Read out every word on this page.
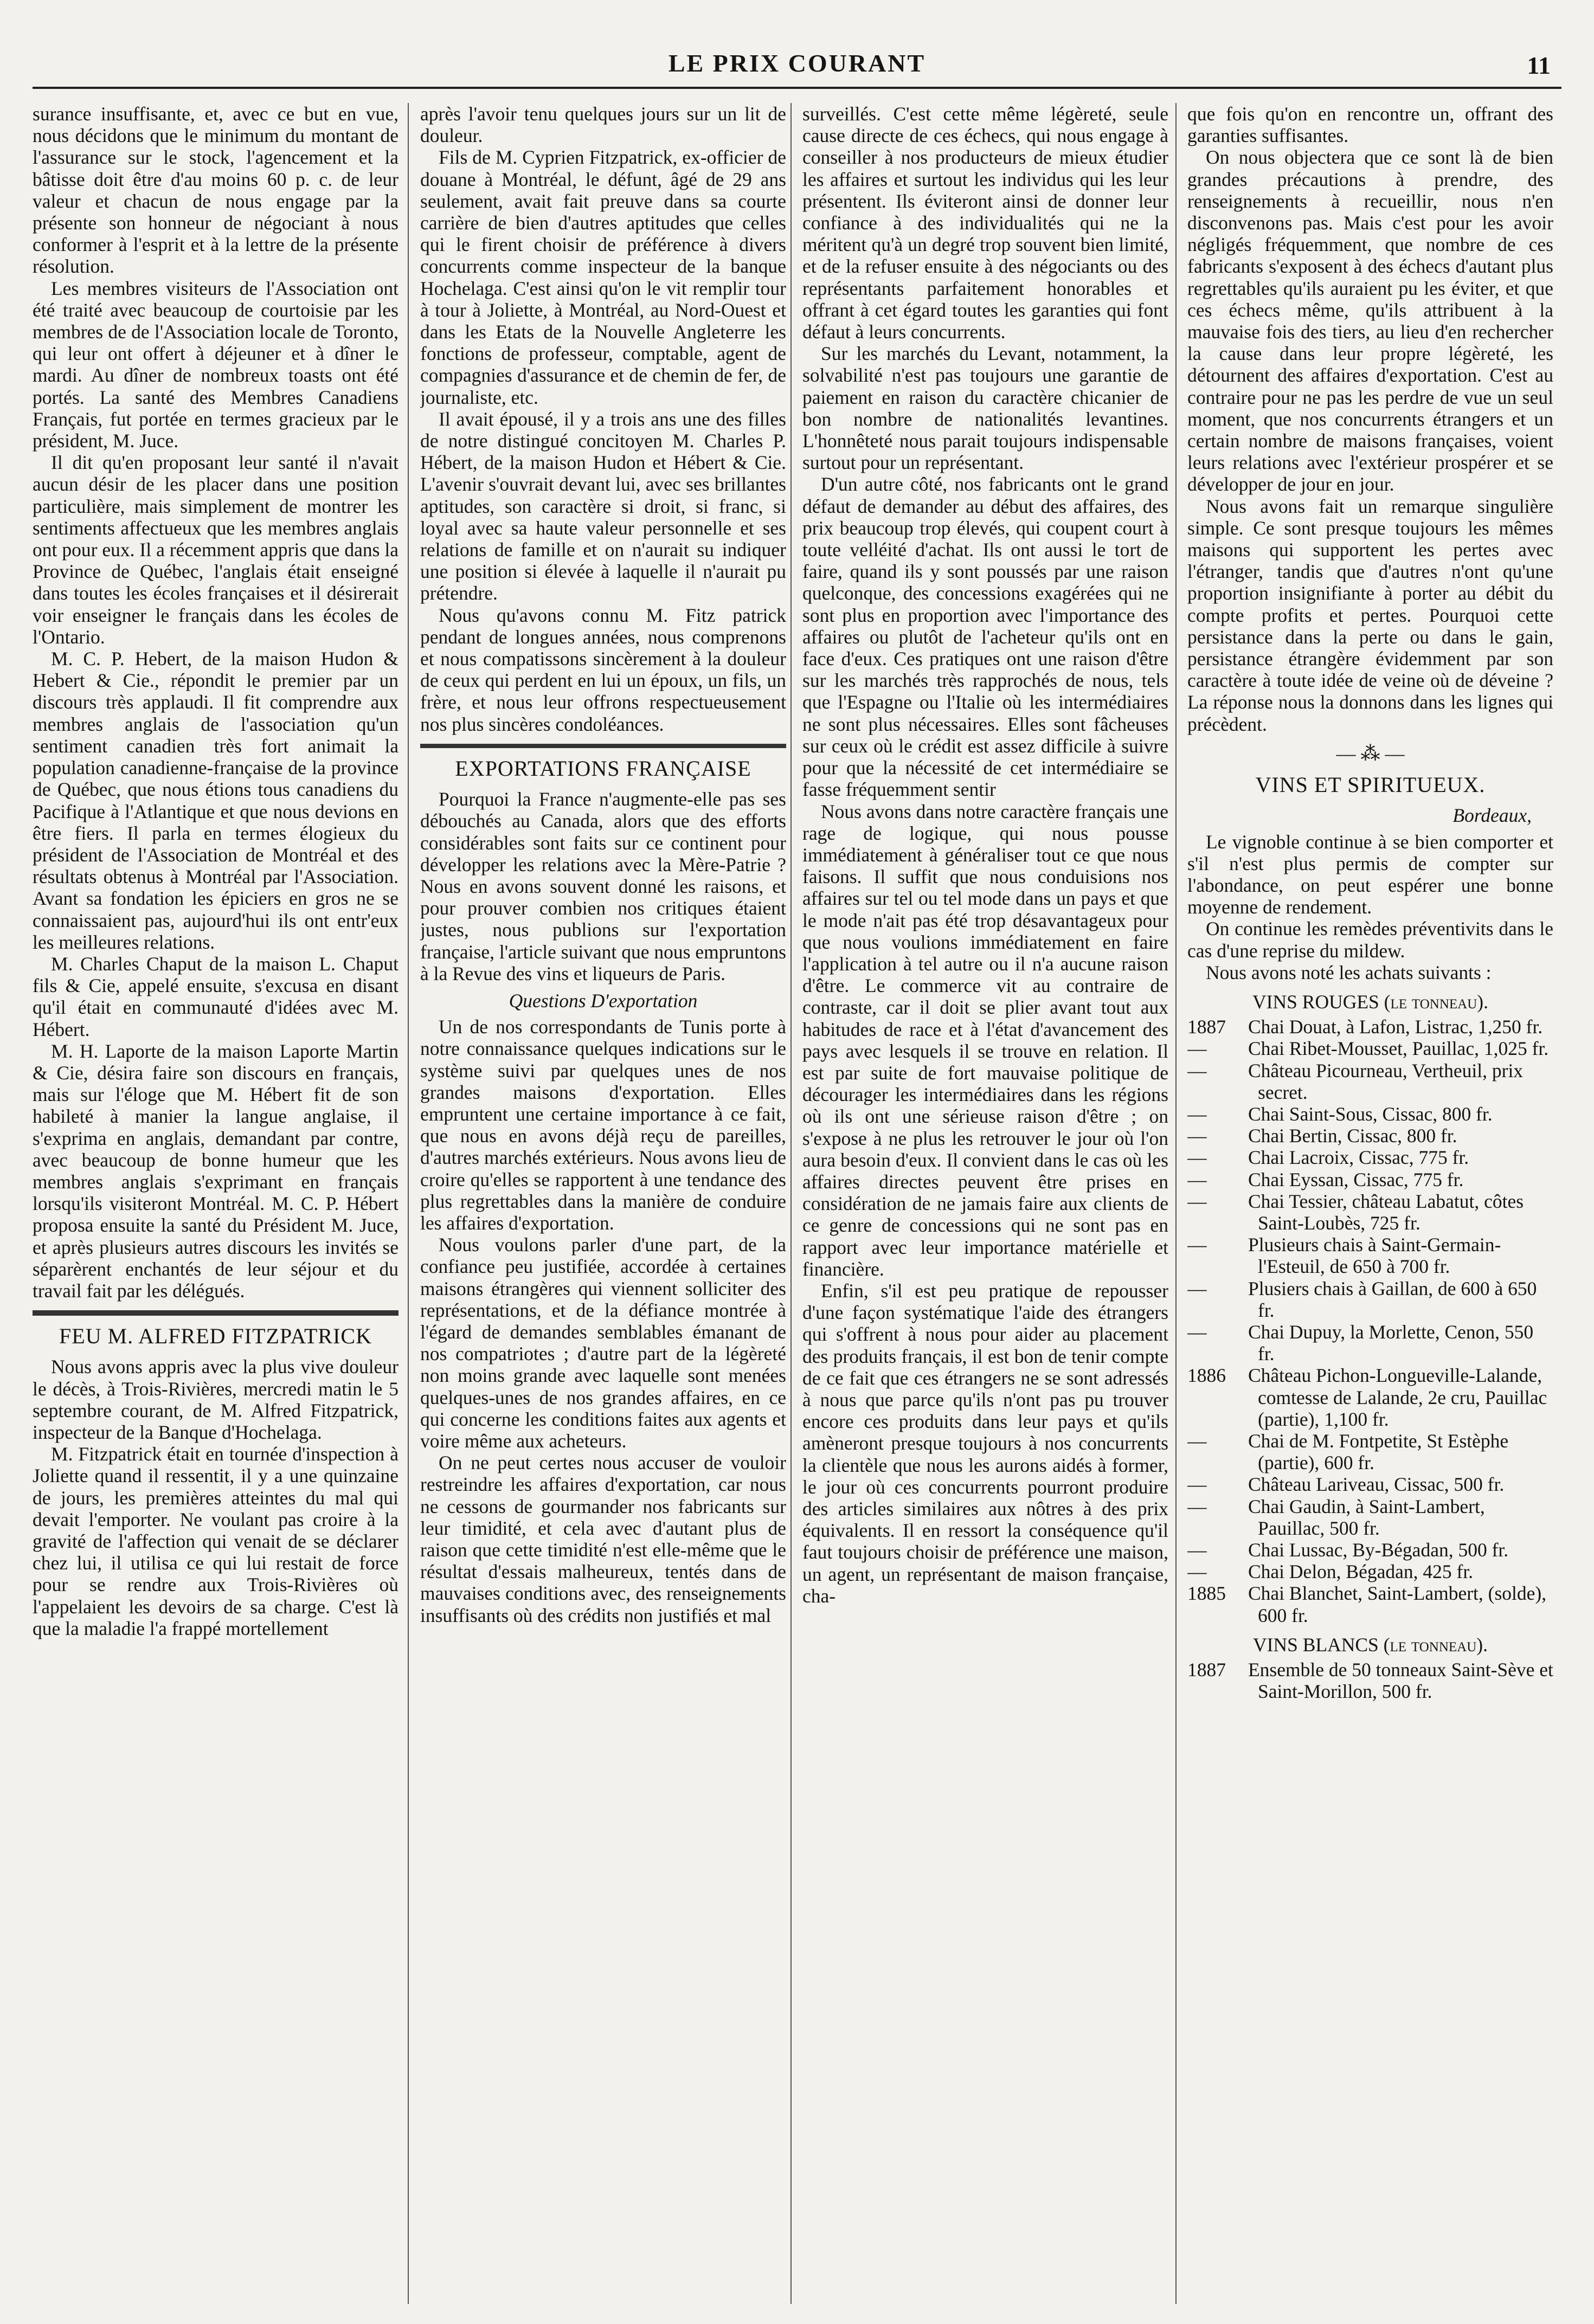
LE PRIX COURANT	11

surance insuffisante, et, avec ce but en vue, nous décidons que le minimum du montant de l'assurance sur le stock, l'agencement et la bâtisse doit être d'au moins 60 p. c. de leur valeur et chacun de nous engage par la présente son honneur de négociant à nous conformer à l'esprit et à la lettre de la présente résolution.

Les membres visiteurs de l'Association ont été traité avec beaucoup de courtoisie par les membres de de l'Association locale de Toronto, qui leur ont offert à déjeuner et à dîner le mardi. Au dîner de nombreux toasts ont été portés. La santé des Membres Canadiens Français, fut portée en termes gracieux par le président, M. Juce.

Il dit qu'en proposant leur santé il n'avait aucun désir de les placer dans une position particulière, mais simplement de montrer les sentiments affectueux que les membres anglais ont pour eux. Il a récemment appris que dans la Province de Québec, l'anglais était enseigné dans toutes les écoles françaises et il désirerait voir enseigner le français dans les écoles de l'Ontario.

M. C. P. Hebert, de la maison Hudon & Hebert & Cie., répondit le premier par un discours très applaudi. Il fit comprendre aux membres anglais de l'association qu'un sentiment canadien très fort animait la population canadienne-française de la province de Québec, que nous étions tous canadiens du Pacifique à l'Atlantique et que nous devions en être fiers. Il parla en termes élogieux du président de l'Association de Montréal et des résultats obtenus à Montréal par l'Association. Avant sa fondation les épiciers en gros ne se connaissaient pas, aujourd'hui ils ont entr'eux les meilleures relations.

M. Charles Chaput de la maison L. Chaput fils & Cie, appelé ensuite, s'excusa en disant qu'il était en communauté d'idées avec M. Hébert.

M. H. Laporte de la maison Laporte Martin & Cie, désira faire son discours en français, mais sur l'éloge que M. Hébert fit de son habileté à manier la langue anglaise, il s'exprima en anglais, demandant par contre, avec beaucoup de bonne humeur que les membres anglais s'exprimant en français lorsqu'ils visiteront Montréal. M. C. P. Hébert proposa ensuite la santé du Président M. Juce, et après plusieurs autres discours les invités se séparèrent enchantés de leur séjour et du travail fait par les délégués.

FEU M. ALFRED FITZPATRICK

Nous avons appris avec la plus vive douleur le décès, à Trois-Rivières, mercredi matin le 5 septembre courant, de M. Alfred Fitzpatrick, inspecteur de la Banque d'Hochelaga.

M. Fitzpatrick était en tournée d'inspection à Joliette quand il ressentit, il y a une quinzaine de jours, les premières atteintes du mal qui devait l'emporter. Ne voulant pas croire à la gravité de l'affection qui venait de se déclarer chez lui, il utilisa ce qui lui restait de force pour se rendre aux Trois-Rivières où l'appelaient les devoirs de sa charge. C'est là que la maladie l'a frappé mortellement

après l'avoir tenu quelques jours sur un lit de douleur.

Fils de M. Cyprien Fitzpatrick, ex-officier de douane à Montréal, le défunt, âgé de 29 ans seulement, avait fait preuve dans sa courte carrière de bien d'autres aptitudes que celles qui le firent choisir de préférence à divers concurrents comme inspecteur de la banque Hochelaga. C'est ainsi qu'on le vit remplir tour à tour à Joliette, à Montréal, au Nord-Ouest et dans les Etats de la Nouvelle Angleterre les fonctions de professeur, comptable, agent de compagnies d'assurance et de chemin de fer, de journaliste, etc.

Il avait épousé, il y a trois ans une des filles de notre distingué concitoyen M. Charles P. Hébert, de la maison Hudon et Hébert & Cie. L'avenir s'ouvrait devant lui, avec ses brillantes aptitudes, son caractère si droit, si franc, si loyal avec sa haute valeur personnelle et ses relations de famille et on n'aurait su indiquer une position si élevée à laquelle il n'aurait pu prétendre.

Nous qu'avons connu M. Fitz patrick pendant de longues années, nous comprenons et nous compatissons sincèrement à la douleur de ceux qui perdent en lui un époux, un fils, un frère, et nous leur offrons respectueusement nos plus sincères condoléances.

EXPORTATIONS FRANÇAISE

Pourquoi la France n'augmente-elle pas ses débouchés au Canada, alors que des efforts considérables sont faits sur ce continent pour développer les relations avec la Mère-Patrie ? Nous en avons souvent donné les raisons, et pour prouver combien nos critiques étaient justes, nous publions sur l'exportation française, l'article suivant que nous empruntons à la Revue des vins et liqueurs de Paris.

Questions D'exportation

Un de nos correspondants de Tunis porte à notre connaissance quelques indications sur le système suivi par quelques unes de nos grandes maisons d'exportation. Elles empruntent une certaine importance à ce fait, que nous en avons déjà reçu de pareilles, d'autres marchés extérieurs. Nous avons lieu de croire qu'elles se rapportent à une tendance des plus regrettables dans la manière de conduire les affaires d'exportation.

Nous voulons parler d'une part, de la confiance peu justifiée, accordée à certaines maisons étrangères qui viennent solliciter des représentations, et de la défiance montrée à l'égard de demandes semblables émanant de nos compatriotes ; d'autre part de la légèreté non moins grande avec laquelle sont menées quelques-unes de nos grandes affaires, en ce qui concerne les conditions faites aux agents et voire même aux acheteurs.

On ne peut certes nous accuser de vouloir restreindre les affaires d'exportation, car nous ne cessons de gourmander nos fabricants sur leur timidité, et cela avec d'autant plus de raison que cette timidité n'est elle-même que le résultat d'essais malheureux, tentés dans de mauvaises conditions avec, des renseignements insuffisants où des crédits non justifiés et mal

surveillés. C'est cette même légèreté, seule cause directe de ces échecs, qui nous engage à conseiller à nos producteurs de mieux étudier les affaires et surtout les individus qui les leur présentent. Ils éviteront ainsi de donner leur confiance à des individualités qui ne la méritent qu'à un degré trop souvent bien limité, et de la refuser ensuite à des négociants ou des représentants parfaitement honorables et offrant à cet égard toutes les garanties qui font défaut à leurs concurrents.

Sur les marchés du Levant, notamment, la solvabilité n'est pas toujours une garantie de paiement en raison du caractère chicanier de bon nombre de nationalités levantines. L'honnêteté nous parait toujours indispensable surtout pour un représentant.

D'un autre côté, nos fabricants ont le grand défaut de demander au début des affaires, des prix beaucoup trop élevés, qui coupent court à toute velléité d'achat. Ils ont aussi le tort de faire, quand ils y sont poussés par une raison quelconque, des concessions exagérées qui ne sont plus en proportion avec l'importance des affaires ou plutôt de l'acheteur qu'ils ont en face d'eux. Ces pratiques ont une raison d'être sur les marchés très rapprochés de nous, tels que l'Espagne ou l'Italie où les intermédiaires ne sont plus nécessaires. Elles sont fâcheuses sur ceux où le crédit est assez difficile à suivre pour que la nécessité de cet intermédiaire se fasse fréquemment sentir

Nous avons dans notre caractère français une rage de logique, qui nous pousse immédiatement à généraliser tout ce que nous faisons. Il suffit que nous conduisions nos affaires sur tel ou tel mode dans un pays et que le mode n'ait pas été trop désavantageux pour que nous voulions immédiatement en faire l'application à tel autre ou il n'a aucune raison d'être. Le commerce vit au contraire de contraste, car il doit se plier avant tout aux habitudes de race et à l'état d'avancement des pays avec lesquels il se trouve en relation. Il est par suite de fort mauvaise politique de décourager les intermédiaires dans les régions où ils ont une sérieuse raison d'être ; on s'expose à ne plus les retrouver le jour où l'on aura besoin d'eux. Il convient dans le cas où les affaires directes peuvent être prises en considération de ne jamais faire aux clients de ce genre de concessions qui ne sont pas en rapport avec leur importance matérielle et financière.

Enfin, s'il est peu pratique de repousser d'une façon systématique l'aide des étrangers qui s'offrent à nous pour aider au placement des produits français, il est bon de tenir compte de ce fait que ces étrangers ne se sont adressés à nous que parce qu'ils n'ont pas pu trouver encore ces produits dans leur pays et qu'ils amèneront presque toujours à nos concurrents la clientèle que nous les aurons aidés à former, le jour où ces concurrents pourront produire des articles similaires aux nôtres à des prix équivalents. Il en ressort la conséquence qu'il faut toujours choisir de préférence une maison, un agent, un représentant de maison française, cha-

que fois qu'on en rencontre un, offrant des garanties suffisantes.

On nous objectera que ce sont là de bien grandes précautions à prendre, des renseignements à recueillir, nous n'en disconvenons pas. Mais c'est pour les avoir négligés fréquemment, que nombre de ces fabricants s'exposent à des échecs d'autant plus regrettables qu'ils auraient pu les éviter, et que ces échecs même, qu'ils attribuent à la mauvaise fois des tiers, au lieu d'en rechercher la cause dans leur propre légèreté, les détournent des affaires d'exportation. C'est au contraire pour ne pas les perdre de vue un seul moment, que nos concurrents étrangers et un certain nombre de maisons françaises, voient leurs relations avec l'extérieur prospérer et se développer de jour en jour.

Nous avons fait un remarque singulière simple. Ce sont presque toujours les mêmes maisons qui supportent les pertes avec l'étranger, tandis que d'autres n'ont qu'une proportion insignifiante à porter au débit du compte profits et pertes. Pourquoi cette persistance dans la perte ou dans le gain, persistance étrangère évidemment par son caractère à toute idée de veine où de déveine ? La réponse nous la donnons dans les lignes qui précèdent.

— ⁂ —
VINS ET SPIRITUEUX.
Bordeaux,

Le vignoble continue à se bien comporter et s'il n'est plus permis de compter sur l'abondance, on peut espérer une bonne moyenne de rendement.

On continue les remèdes préventivits dans le cas d'une reprise du mildew.

Nous avons noté les achats suivants :

VINS ROUGES (le tonneau).

1887 Chai Douat, à Lafon, Listrac, 1,250 fr.

— Chai Ribet-Mousset, Pauillac, 1,025 fr.

— Château Picourneau, Vertheuil, prix secret.

— Chai Saint-Sous, Cissac, 800 fr.

— Chai Bertin, Cissac, 800 fr.

— Chai Lacroix, Cissac, 775 fr.

— Chai Eyssan, Cissac, 775 fr.

— Chai Tessier, château Labatut, côtes Saint-Loubès, 725 fr.

— Plusieurs chais à Saint-Germain-l'Esteuil, de 650 à 700 fr.

— Plusiers chais à Gaillan, de 600 à 650 fr.

— Chai Dupuy, la Morlette, Cenon, 550 fr.

1886 Château Pichon-Longueville-Lalande, comtesse de Lalande, 2e cru, Pauillac (partie), 1,100 fr.

— Chai de M. Fontpetite, St Estèphe (partie), 600 fr.

— Château Lariveau, Cissac, 500 fr.

— Chai Gaudin, à Saint-Lambert, Pauillac, 500 fr.

— Chai Lussac, By-Bégadan, 500 fr.

— Chai Delon, Bégadan, 425 fr.

1885 Chai Blanchet, Saint-Lambert, (solde), 600 fr.

VINS BLANCS (le tonneau).

1887 Ensemble de 50 tonneaux Saint-Sève et Saint-Morillon, 500 fr.
